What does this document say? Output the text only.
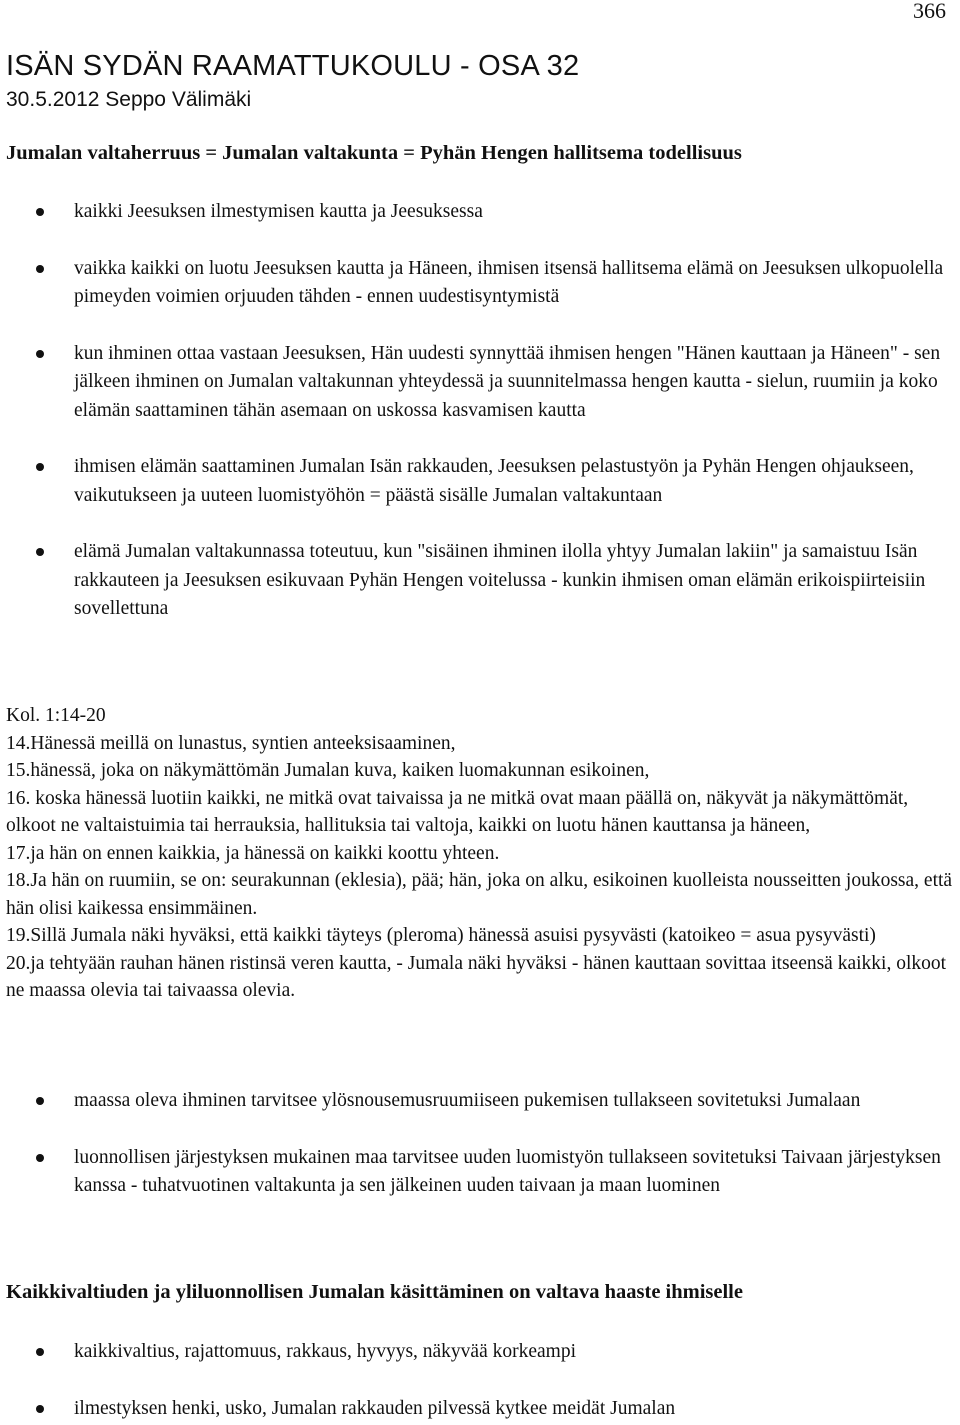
366
ISÄN SYDÄN RAAMATTUKOULU - OSA 32
30.5.2012 Seppo Välimäki
Jumalan valtaherruus = Jumalan valtakunta = Pyhän Hengen hallitsema todellisuus
kaikki Jeesuksen ilmestymisen kautta ja Jeesuksessa
vaikka kaikki on luotu Jeesuksen kautta ja Häneen, ihmisen itsensä hallitsema elämä on Jeesuksen ulkopuolella pimeyden voimien orjuuden tähden - ennen uudestisyntymistä
kun ihminen ottaa vastaan Jeesuksen, Hän uudesti synnyttää ihmisen hengen "Hänen kauttaan ja Häneen" - sen jälkeen ihminen on Jumalan valtakunnan yhteydessä ja suunnitelmassa hengen kautta - sielun, ruumiin ja koko elämän saattaminen tähän asemaan on uskossa kasvamisen kautta
ihmisen elämän saattaminen Jumalan Isän rakkauden, Jeesuksen pelastustyön ja Pyhän Hengen ohjaukseen, vaikutukseen ja uuteen luomistyöhön = päästä sisälle Jumalan valtakuntaan
elämä Jumalan valtakunnassa toteutuu, kun "sisäinen ihminen ilolla yhtyy Jumalan lakiin" ja samaistuu Isän rakkauteen ja Jeesuksen esikuvaan Pyhän Hengen voitelussa - kunkin ihmisen oman elämän erikoispiirteisiin sovellettuna
Kol. 1:14-20
14.Hänessä meillä on lunastus, syntien anteeksisaaminen,
15.hänessä, joka on näkymättömän Jumalan kuva, kaiken luomakunnan esikoinen,
16. koska hänessä luotiin kaikki, ne mitkä ovat taivaissa ja ne mitkä ovat maan päällä on, näkyvät ja näkymättömät, olkoot ne valtaistuimia tai herrauksia, hallituksia tai valtoja, kaikki on luotu hänen kauttansa ja häneen,
17.ja hän on ennen kaikkia, ja hänessä on kaikki koottu yhteen.
18.Ja hän on ruumiin, se on: seurakunnan (eklesia), pää; hän, joka on alku, esikoinen kuolleista nousseitten joukossa, että hän olisi kaikessa ensimmäinen.
19.Sillä Jumala näki hyväksi, että kaikki täyteys (pleroma) hänessä asuisi pysyvästi (katoikeo = asua pysyvästi)
20.ja tehtyään rauhan hänen ristinsä veren kautta, - Jumala näki hyväksi - hänen kauttaan sovittaa itseensä kaikki, olkoot ne maassa olevia tai taivaassa olevia.
maassa oleva ihminen tarvitsee ylösnousemusruumiiseen pukemisen tullakseen sovitetuksi Jumalaan
luonnollisen järjestyksen mukainen maa tarvitsee uuden luomistyön tullakseen sovitetuksi Taivaan järjestyksen kanssa - tuhatvuotinen valtakunta ja sen jälkeinen uuden taivaan ja maan luominen
Kaikkivaltiuden ja yliluonnollisen Jumalan käsittäminen on valtava haaste ihmiselle
kaikkivaltius, rajattomuus, rakkaus, hyvyys, näkyvää korkeampi
ilmestyksen henki, usko, Jumalan rakkauden pilvessä kytkee meidät Jumalan
